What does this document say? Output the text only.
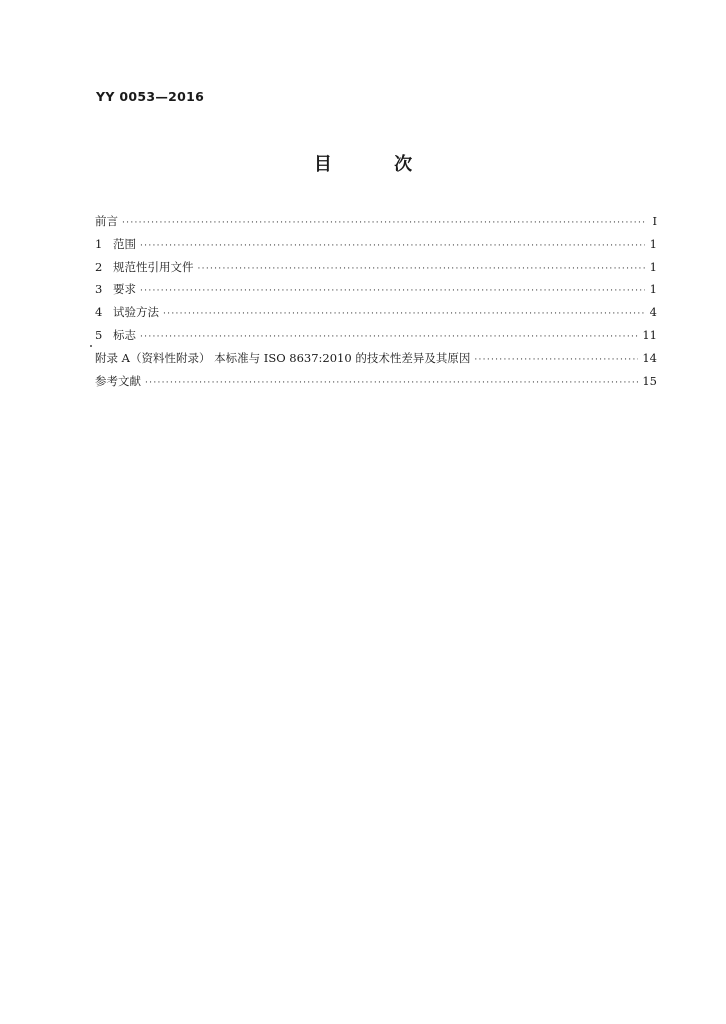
YY 0053—2016
目 次
前言 ·····	Ⅰ
1 范围 ·····	1
2 规范性引用文件 ·····	1
3 要求 ·····	1
4 试验方法 ·····	4
5 标志 ·····	11
附录 A（资料性附录） 本标准与 ISO 8637:2010 的技术性差异及其原因 ·····	14
参考文献 ·····	15
